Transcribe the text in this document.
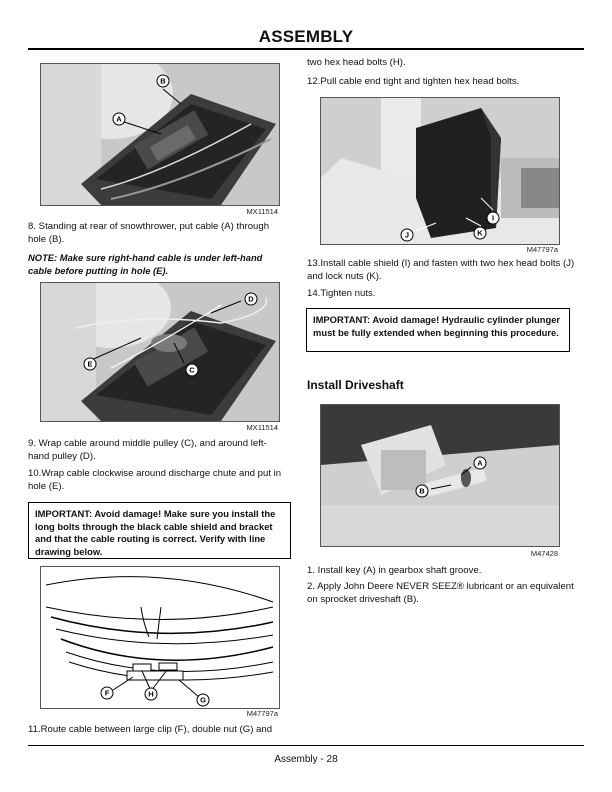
ASSEMBLY
A
B
MX11514
8. Standing at rear of snowthrower, put cable (A) through hole (B).
NOTE: Make sure right-hand cable is under left-hand cable before putting in hole (E).
D
E
C
MX11514
9. Wrap cable around middle pulley (C), and around left-hand pulley (D).
10.Wrap cable clockwise around discharge chute and put in hole (E).
IMPORTANT: Avoid damage! Make sure you install the long bolts through the black cable shield and bracket and that the cable routing is correct. Verify with line drawing below.
F	H
G
M47797a
11.Route cable between large clip (F), double nut (G) and
two hex head bolts (H).
12.Pull cable end tight and tighten hex head bolts.
I
J	K
M47797a
13.Install cable shield (I) and fasten with two hex head bolts (J) and lock nuts (K).
14.Tighten nuts.
IMPORTANT: Avoid damage! Hydraulic cylinder plunger must be fully extended when beginning this procedure.
Install Driveshaft
A
B
M47428
1. Install key (A) in gearbox shaft groove.
2. Apply John Deere NEVER SEEZ® lubricant or an equivalent on sprocket driveshaft (B).
Assembly - 28
